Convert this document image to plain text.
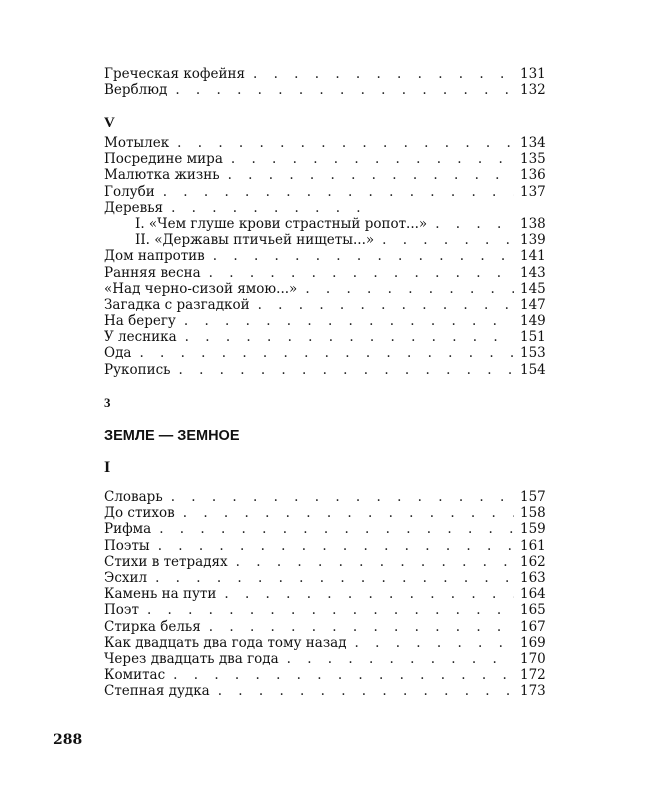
Греческая кофейня . . .	131
Верблюд . . .	132
V
Мотылек . . .	134
Посредине мира . . .	135
Малютка жизнь . . .	136
Голуби . . .	137
Деревья
. . .
I. «Чем глуше крови страстный ропот...» . . .	138
II. «Державы птичьей нищеты...» . . .	139
Дом напротив . . .	141
Ранняя весна . . .	143
«Над черно-сизой ямою...» . . .	145
Загадка с разгадкой . . .	147
На берегу . . .	149
У лесника . . .	151
Ода . . .	153
Рукопись . . .	154
3
ЗЕМЛЕ — ЗЕМНОЕ
I
Словарь . . .	157
До стихов . . .	158
Рифма . . .	159
Поэты . . .	161
Стихи в тетрадях . . .	162
Эсхил . . .	163
Камень на пути . . .	164
Поэт . . .	165
Стирка белья . . .	167
Как двадцать два года тому назад . . .	169
Через двадцать два года . . .	170
Комитас . . .	172
Степная дудка . . .	173
288
